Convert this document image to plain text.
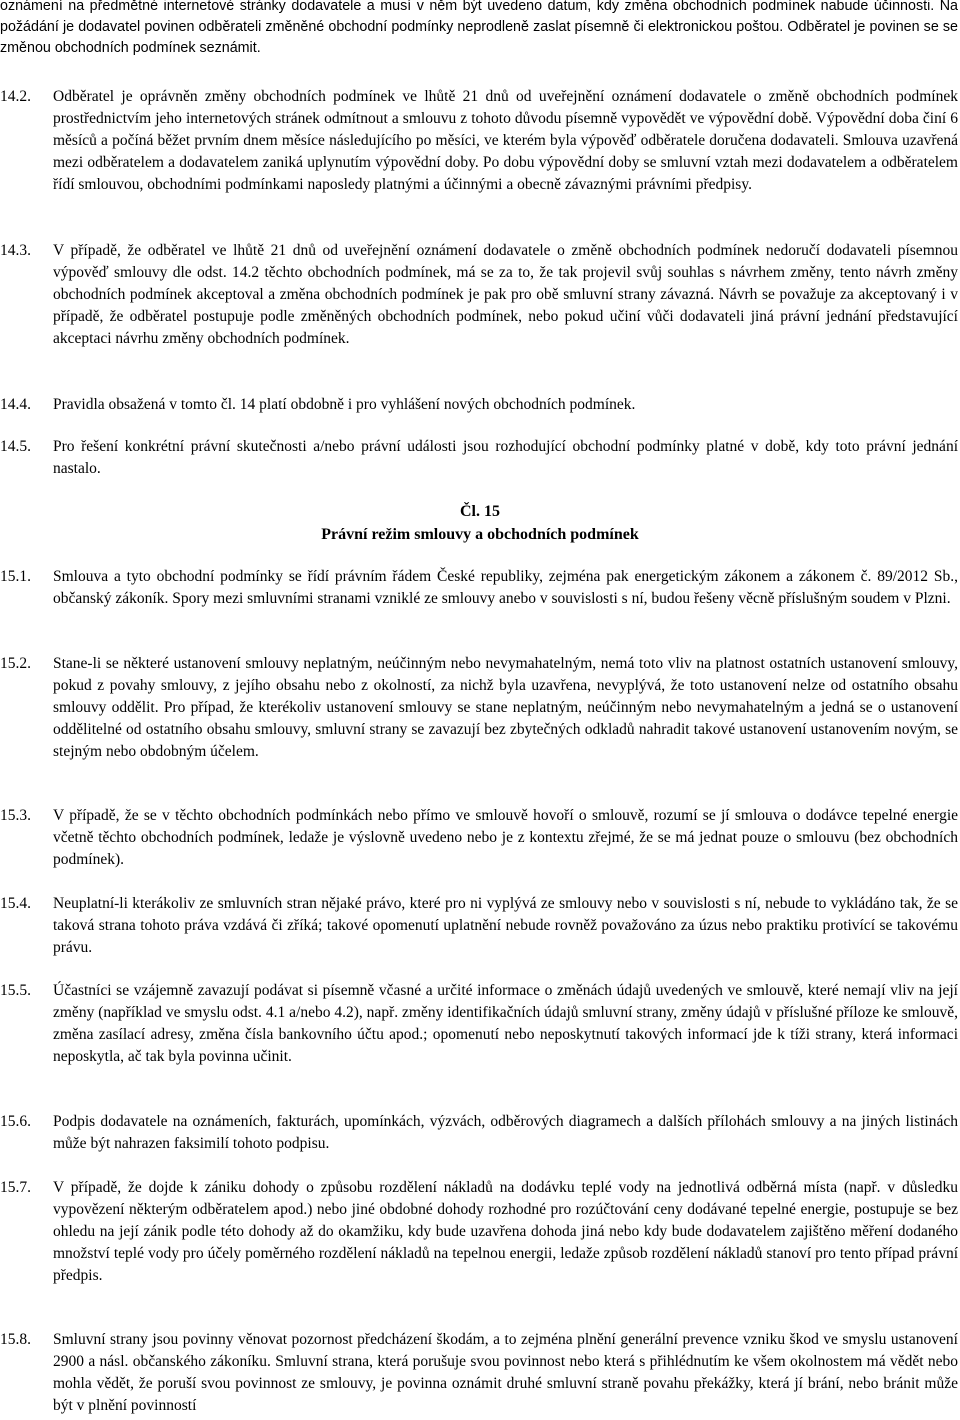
oznámení na předmětné internetové stránky dodavatele a musí v něm být uvedeno datum, kdy změna obchodních podmínek nabude účinnosti. Na požádání je dodavatel povinen odběrateli změněné obchodní podmínky neprodleně zaslat písemně či elektronickou poštou. Odběratel je povinen se se změnou obchodních podmínek seznámit.
14.2.	Odběratel je oprávněn změny obchodních podmínek ve lhůtě 21 dnů od uveřejnění oznámení dodavatele o změně obchodních podmínek prostřednictvím jeho internetových stránek odmítnout a smlouvu z tohoto důvodu písemně vypovědět ve výpovědní době. Výpovědní doba činí 6 měsíců a počíná běžet prvním dnem měsíce následujícího po měsíci, ve kterém byla výpověď odběratele doručena dodavateli. Smlouva uzavřená mezi odběratelem a dodavatelem zaniká uplynutím výpovědní doby. Po dobu výpovědní doby se smluvní vztah mezi dodavatelem a odběratelem řídí smlouvou, obchodními podmínkami naposledy platnými a účinnými a obecně závaznými právními předpisy.
14.3.	V případě, že odběratel ve lhůtě 21 dnů od uveřejnění oznámení dodavatele o změně obchodních podmínek nedoručí dodavateli písemnou výpověď smlouvy dle odst. 14.2 těchto obchodních podmínek, má se za to, že tak projevil svůj souhlas s návrhem změny, tento návrh změny obchodních podmínek akceptoval a změna obchodních podmínek je pak pro obě smluvní strany závazná. Návrh se považuje za akceptovaný i v případě, že odběratel postupuje podle změněných obchodních podmínek, nebo pokud učiní vůči dodavateli jiná právní jednání představující akceptaci návrhu změny obchodních podmínek.
14.4.	Pravidla obsažená v tomto čl. 14 platí obdobně i pro vyhlášení nových obchodních podmínek.
14.5.	Pro řešení konkrétní právní skutečnosti a/nebo právní události jsou rozhodující obchodní podmínky platné v době, kdy toto právní jednání nastalo.
Čl. 15
Právní režim smlouvy a obchodních podmínek
15.1.	Smlouva a tyto obchodní podmínky se řídí právním řádem České republiky, zejména pak energetickým zákonem a zákonem č. 89/2012 Sb., občanský zákoník. Spory mezi smluvními stranami vzniklé ze smlouvy anebo v souvislosti s ní, budou řešeny věcně příslušným soudem v Plzni.
15.2.	Stane-li se některé ustanovení smlouvy neplatným, neúčinným nebo nevymahatelným, nemá toto vliv na platnost ostatních ustanovení smlouvy, pokud z povahy smlouvy, z jejího obsahu nebo z okolností, za nichž byla uzavřena, nevyplývá, že toto ustanovení nelze od ostatního obsahu smlouvy oddělit. Pro případ, že kterékoliv ustanovení smlouvy se stane neplatným, neúčinným nebo nevymahatelným a jedná se o ustanovení oddělitelné od ostatního obsahu smlouvy, smluvní strany se zavazují bez zbytečných odkladů nahradit takové ustanovení ustanovením novým, se stejným nebo obdobným účelem.
15.3.	V případě, že se v těchto obchodních podmínkách nebo přímo ve smlouvě hovoří o smlouvě, rozumí se jí smlouva o dodávce tepelné energie včetně těchto obchodních podmínek, ledaže je výslovně uvedeno nebo je z kontextu zřejmé, že se má jednat pouze o smlouvu (bez obchodních podmínek).
15.4.	Neuplatní-li kterákoliv ze smluvních stran nějaké právo, které pro ni vyplývá ze smlouvy nebo v souvislosti s ní, nebude to vykládáno tak, že se taková strana tohoto práva vzdává či zříká; takové opomenutí uplatnění nebude rovněž považováno za úzus nebo praktiku protivící se takovému právu.
15.5.	Účastníci se vzájemně zavazují podávat si písemně včasné a určité informace o změnách údajů uvedených ve smlouvě, které nemají vliv na její změny (například ve smyslu odst. 4.1 a/nebo 4.2), např. změny identifikačních údajů smluvní strany, změny údajů v příslušné příloze ke smlouvě, změna zasílací adresy, změna čísla bankovního účtu apod.; opomenutí nebo neposkytnutí takových informací jde k tíži strany, která informaci neposkytla, ač tak byla povinna učinit.
15.6.	Podpis dodavatele na oznámeních, fakturách, upomínkách, výzvách, odběrových diagramech a dalších přílohách smlouvy a na jiných listinách může být nahrazen faksimilí tohoto podpisu.
15.7.	V případě, že dojde k zániku dohody o způsobu rozdělení nákladů na dodávku teplé vody na jednotlivá odběrná místa (např. v důsledku vypovězení některým odběratelem apod.) nebo jiné obdobné dohody rozhodné pro rozúčtování ceny dodávané tepelné energie, postupuje se bez ohledu na její zánik podle této dohody až do okamžiku, kdy bude uzavřena dohoda jiná nebo kdy bude dodavatelem zajištěno měření dodaného množství teplé vody pro účely poměrného rozdělení nákladů na tepelnou energii, ledaže způsob rozdělení nákladů stanoví pro tento případ právní předpis.
15.8.	Smluvní strany jsou povinny věnovat pozornost předcházení škodám, a to zejména plnění generální prevence vzniku škod ve smyslu ustanovení 2900 a násl. občanského zákoníku. Smluvní strana, která porušuje svou povinnost nebo která s přihlédnutím ke všem okolnostem má vědět nebo mohla vědět, že poruší svou povinnost ze smlouvy, je povinna oznámit druhé smluvní straně povahu překážky, která jí brání, nebo bránit může být v plnění povinností
